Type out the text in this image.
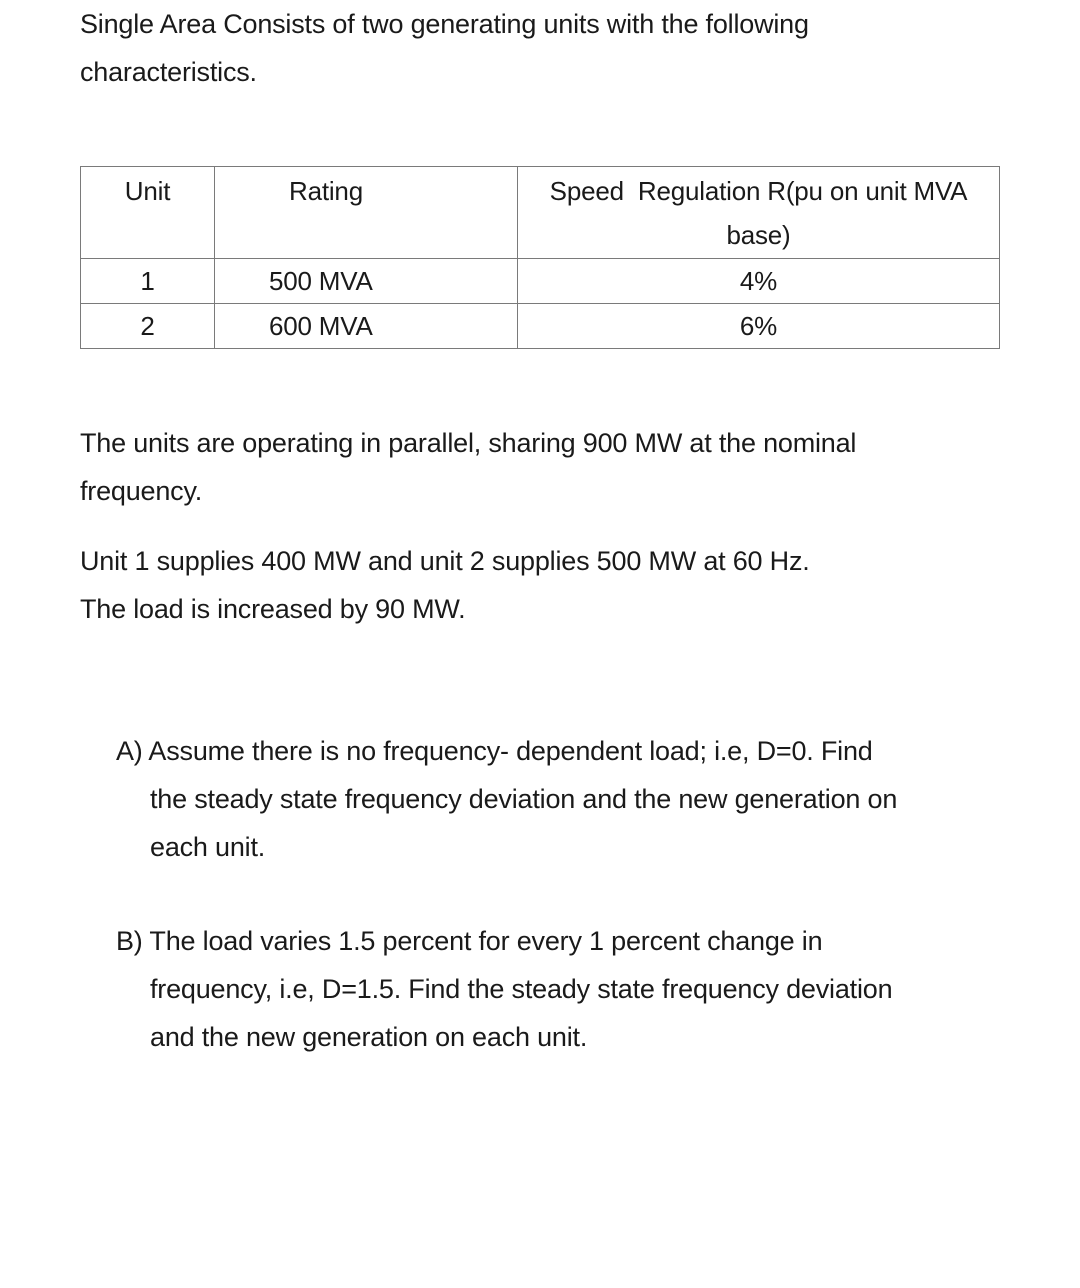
Single Area Consists of two generating units with the following
characteristics.
Unit	Rating	Speed  Regulation R(pu on unit MVA
base)

1	500 MVA	4%
2	600 MVA	6%
The units are operating in parallel, sharing 900 MW at the nominal
frequency.
Unit 1 supplies 400 MW and unit 2 supplies 500 MW at 60 Hz.
The load is increased by 90 MW.
A) Assume there is no frequency- dependent load; i.e, D=0. Find
the steady state frequency deviation and the new generation on
each unit.
B) The load varies 1.5 percent for every 1 percent change in
frequency, i.e, D=1.5. Find the steady state frequency deviation
and the new generation on each unit.
